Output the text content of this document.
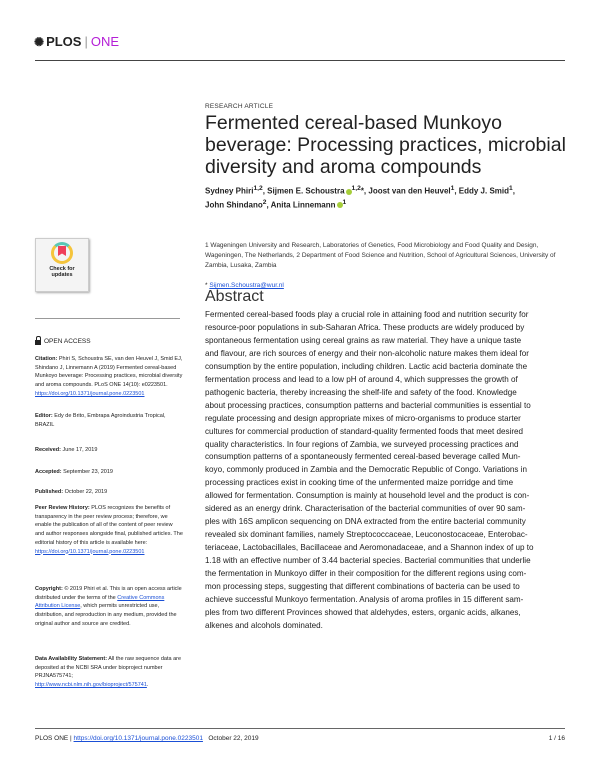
✺ PLOS | ONE
RESEARCH ARTICLE
Fermented cereal-based Munkoyo beverage: Processing practices, microbial diversity and aroma compounds
Sydney Phiri$^{1,2}$, Sijmen E. Schoustra $^{1,2}$*, Joost van den Heuvel$^1$, Eddy J. Smid$^1$,
John Shindano$^2$, Anita Linnemann $^1$
1 Wageningen University and Research, Laboratories of Genetics, Food Microbiology and Food Quality and Design, Wageningen, The Netherlands, 2 Department of Food Science and Nutrition, School of Agricultural Sciences, University of Zambia, Lusaka, Zambia
* Sijmen.Schoustra@wur.nl
Abstract
Fermented cereal-based foods play a crucial role in attaining food and nutrition security for
resource-poor populations in sub-Saharan Africa. These products are widely produced by
spontaneous fermentation using cereal grains as raw material. They have a unique taste
and flavour, are rich sources of energy and their non-alcoholic nature makes them ideal for
consumption by the entire population, including children. Lactic acid bacteria dominate the
fermentation process and lead to a low pH of around 4, which suppresses the growth of
pathogenic bacteria, thereby increasing the shelf-life and safety of the food. Knowledge
about processing practices, consumption patterns and bacterial communities is essential to
regulate processing and design appropriate mixes of micro-organisms to produce starter
cultures for commercial production of standard-quality fermented foods that meet desired
quality characteristics. In four regions of Zambia, we surveyed processing practices and
consumption patterns of a spontaneously fermented cereal-based beverage called Mun-
koyo, commonly produced in Zambia and the Democratic Republic of Congo. Variations in
processing practices exist in cooking time of the unfermented maize porridge and time
allowed for fermentation. Consumption is mainly at household level and the product is con-
sidered as an energy drink. Characterisation of the bacterial communities of over 90 sam-
ples with 16S amplicon sequencing on DNA extracted from the entire bacterial community
revealed six dominant families, namely Streptococcaceae, Leuconostocaceae, Enterobac-
teriaceae, Lactobacillales, Bacillaceae and Aeromonadaceae, and a Shannon index of up to
1.18 with an effective number of 3.44 bacterial species. Bacterial communities that underlie
the fermentation in Munkoyo differ in their composition for the different regions using com-
mon processing steps, suggesting that different combinations of bacteria can be used to
achieve successful Munkoyo fermentation. Analysis of aroma profiles in 15 different sam-
ples from two different Provinces showed that aldehydes, esters, organic acids, alkanes,
alkenes and alcohols dominated.
Check for updates
OPEN ACCESS
Citation: Phiri S, Schoustra SE, van den Heuvel J, Smid EJ, Shindano J, Linnemann A (2019) Fermented cereal-based Munkoyo beverage: Processing practices, microbial diversity and aroma compounds. PLoS ONE 14(10): e0223501. https://doi.org/10.1371/journal.pone.0223501
Editor: Edy de Brito, Embrapa Agroindustria Tropical, BRAZIL
Received: June 17, 2019
Accepted: September 23, 2019
Published: October 22, 2019
Peer Review History: PLOS recognizes the benefits of transparency in the peer review process; therefore, we enable the publication of all of the content of peer review and author responses alongside final, published articles. The editorial history of this article is available here: https://doi.org/10.1371/journal.pone.0223501
Copyright: © 2019 Phiri et al. This is an open access article distributed under the terms of the Creative Commons Attribution License, which permits unrestricted use, distribution, and reproduction in any medium, provided the original author and source are credited.
Data Availability Statement: All the raw sequence data are deposited at the NCBI SRA under bioproject number PRJNA575741; http://www.ncbi.nlm.nih.gov/bioproject/575741.
PLOS ONE | https://doi.org/10.1371/journal.pone.0223501 October 22, 2019	1 / 16
